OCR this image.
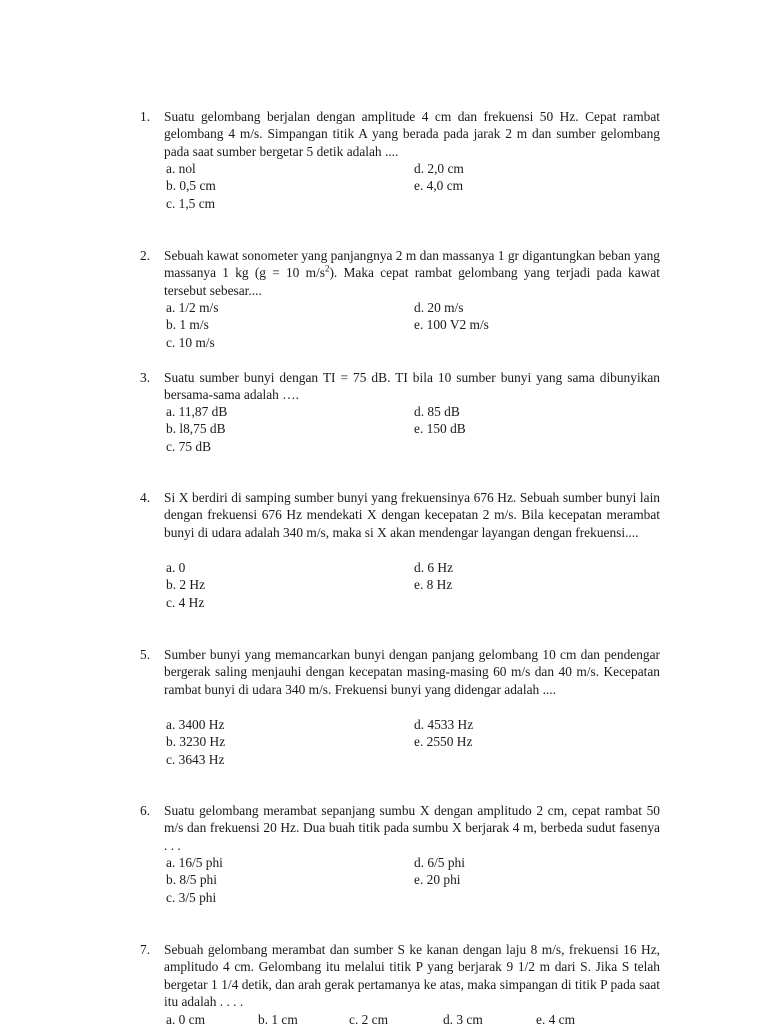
1. Suatu gelombang berjalan dengan amplitude 4 cm dan frekuensi 50 Hz. Cepat rambat gelombang 4 m/s. Simpangan titik A yang berada pada jarak 2 m dan sumber gelombang pada saat sumber bergetar 5 detik adalah ....

a. nol
b. 0,5 cm
c. 1,5 cm
d. 2,0 cm
e. 4,0 cm
2. Sebuah kawat sonometer yang panjangnya 2 m dan massanya 1 gr digantungkan beban yang massanya 1 kg (g = 10 $m/s^2$). Maka cepat rambat gelombang yang terjadi pada kawat tersebut sebesar....

a. 1/2 m/s
b. 1 m/s
c. 10 m/s
d. 20 m/s
e. 100 V2 m/s
3. Suatu sumber bunyi dengan TI = 75 dB. TI bila 10 sumber bunyi yang sama dibunyikan bersama-sama adalah ….

a. 11,87 dB
b. l8,75 dB
c. 75 dB
d. 85 dB
e. 150 dB
4. Si X berdiri di samping sumber bunyi yang frekuensinya 676 Hz. Sebuah sumber bunyi lain dengan frekuensi 676 Hz mendekati X dengan kecepatan 2 m/s. Bila kecepatan merambat bunyi di udara adalah 340 m/s, maka si X akan mendengar layangan dengan frekuensi....

a. 0
b. 2 Hz
c. 4 Hz
d. 6 Hz
e. 8 Hz
5. Sumber bunyi yang memancarkan bunyi dengan panjang gelombang 10 cm dan pendengar bergerak saling menjauhi dengan kecepatan masing-masing 60 m/s dan 40 m/s. Kecepatan rambat bunyi di udara 340 m/s. Frekuensi bunyi yang didengar adalah ....

a. 3400 Hz
b. 3230 Hz
c. 3643 Hz
d. 4533 Hz
e. 2550 Hz
6. Suatu gelombang merambat sepanjang sumbu X dengan amplitudo 2 cm, cepat rambat 50 m/s dan frekuensi 20 Hz. Dua buah titik pada sumbu X berjarak 4 m, berbeda sudut fasenya . . .

a. 16/5 phi
b. 8/5 phi
c. 3/5 phi
d. 6/5 phi
e. 20 phi
7. Sebuah gelombang merambat dan sumber S ke kanan dengan laju 8 m/s, frekuensi 16 Hz, amplitudo 4 cm. Gelombang itu melalui titik P yang berjarak 9 1/2 m dari S. Jika S telah bergetar 1 1/4 detik, dan arah gerak pertamanya ke atas, maka simpangan di titik P pada saat itu adalah . . . .

a. 0 cm	b. 1 cm	c. 2 cm	d. 3 cm	e. 4 cm
